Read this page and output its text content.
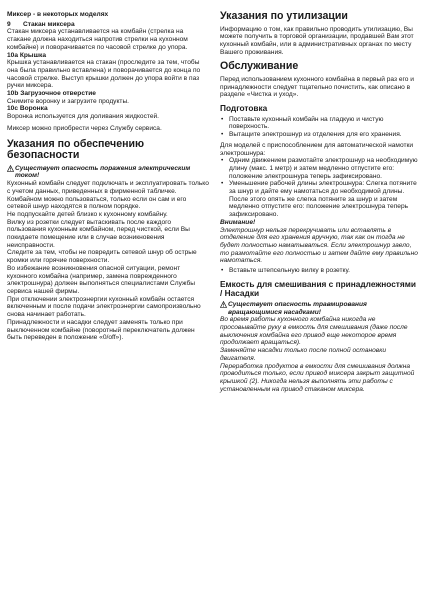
Миксер - в некоторых моделях

9 Стакан миксера

Стакан миксера устанавливается на комбайн (стрелка на стакане должна находиться напротив стрелки на кухонном комбайне) и поворачивается по часовой стрелке до упора.

10a Крышка

Крышка устанавливается на стакан (проследите за тем, чтобы она была правильно вставлена) и поворачивается до конца по часовой стрелке. Выступ крышки должен до упора войти в паз ручки миксера.

10b Загрузочное отверстие

Снимите воронку и загрузите продукты.

10с Воронка

Воронка используется для доливания жидкостей.

Миксер можно приобрести через Службу сервиса.

Указания по обеспечению безопасности

Существует опасность поражения электрическим током!

Кухонный комбайн следует подключать и эксплуатировать только с учетом данных, приведенных в фирменной табличке. Комбайном можно пользоваться, только если он сам и его сетевой шнур находятся в полном порядке.

Не подпускайте детей близко к кухонному комбайну.

Вилку из розетки следует вытаскивать после каждого пользования кухонным комбайном, перед чисткой, если Вы покидаете помещение или в случае возникновения неисправности.

Следите за тем, чтобы не повредить сетевой шнур об острые кромки или горячие поверхности.

Во избежание возникновения опасной ситуации, ремонт кухонного комбайна (например, замена поврежденного электрошнура) должен выполняться специалистами Службы сервиса нашей фирмы.

При отключении электроэнергии кухонный комбайн остается включенным и после подачи электроэнергии самопроизвольно снова начинает работать.

Принадлежности и насадки следует заменять только при выключенном комбайне (поворотный переключатель должен быть переведен в положение «0/off»).

Указания по утилизации

Информацию о том, как правильно проводить утилизацию, Вы можете получить в торговой организации, продавшей Вам этот кухонный комбайн, или в административных органах по месту Вашего проживания.

Обслуживание

Перед использованием кухонного комбайна в первый раз его и принадлежности следует тщательно почистить, как описано в разделе «Чистка и уход».

Подготовка

• Поставьте кухонный комбайн на гладкую и чистую поверхность.
• Вытащите электрошнур из отделения для его хранения.

Для моделей с приспособлением для автоматической намотки электрошнура:

• Одним движением размотайте электрошнур на необходимую длину (макс. 1 метр) и затем медленно отпустите его: положение электрошнура теперь зафиксировано.
• Уменьшение рабочей длины электрошнура: Слегка потяните за шнур и дайте ему намотаться до необходимой длины. После этого опять же слегка потяните за шнур и затем медленно отпустите его: положение электрошнура теперь зафиксировано.

Внимание!

Электрошнур нельзя перекручивать или вставлять в отделение для его хранения вручную, так как он тогда не будет полностью наматываться. Если электрошнур заело, то размотайте его полностью и затем дайте ему правильно намотаться.

• Вставьте штепсельную вилку в розетку.

Емкость для смешивания с принадлежностями / Насадки

Существует опасность травмирования вращающимися насадками!

Во время работы кухонного комбайна никогда не просовывайте руку в емкость для смешивания (даже после выключения комбайна его привод еще некоторое время продолжает вращаться).

Заменяйте насадки только после полной остановки двигателя.

Переработка продуктов в емкости для смешивания должна проводиться только, если привод миксера закрыт защитной крышкой (2). Никогда нельзя выполнять эти работы с установленным на привод стаканом миксера.
